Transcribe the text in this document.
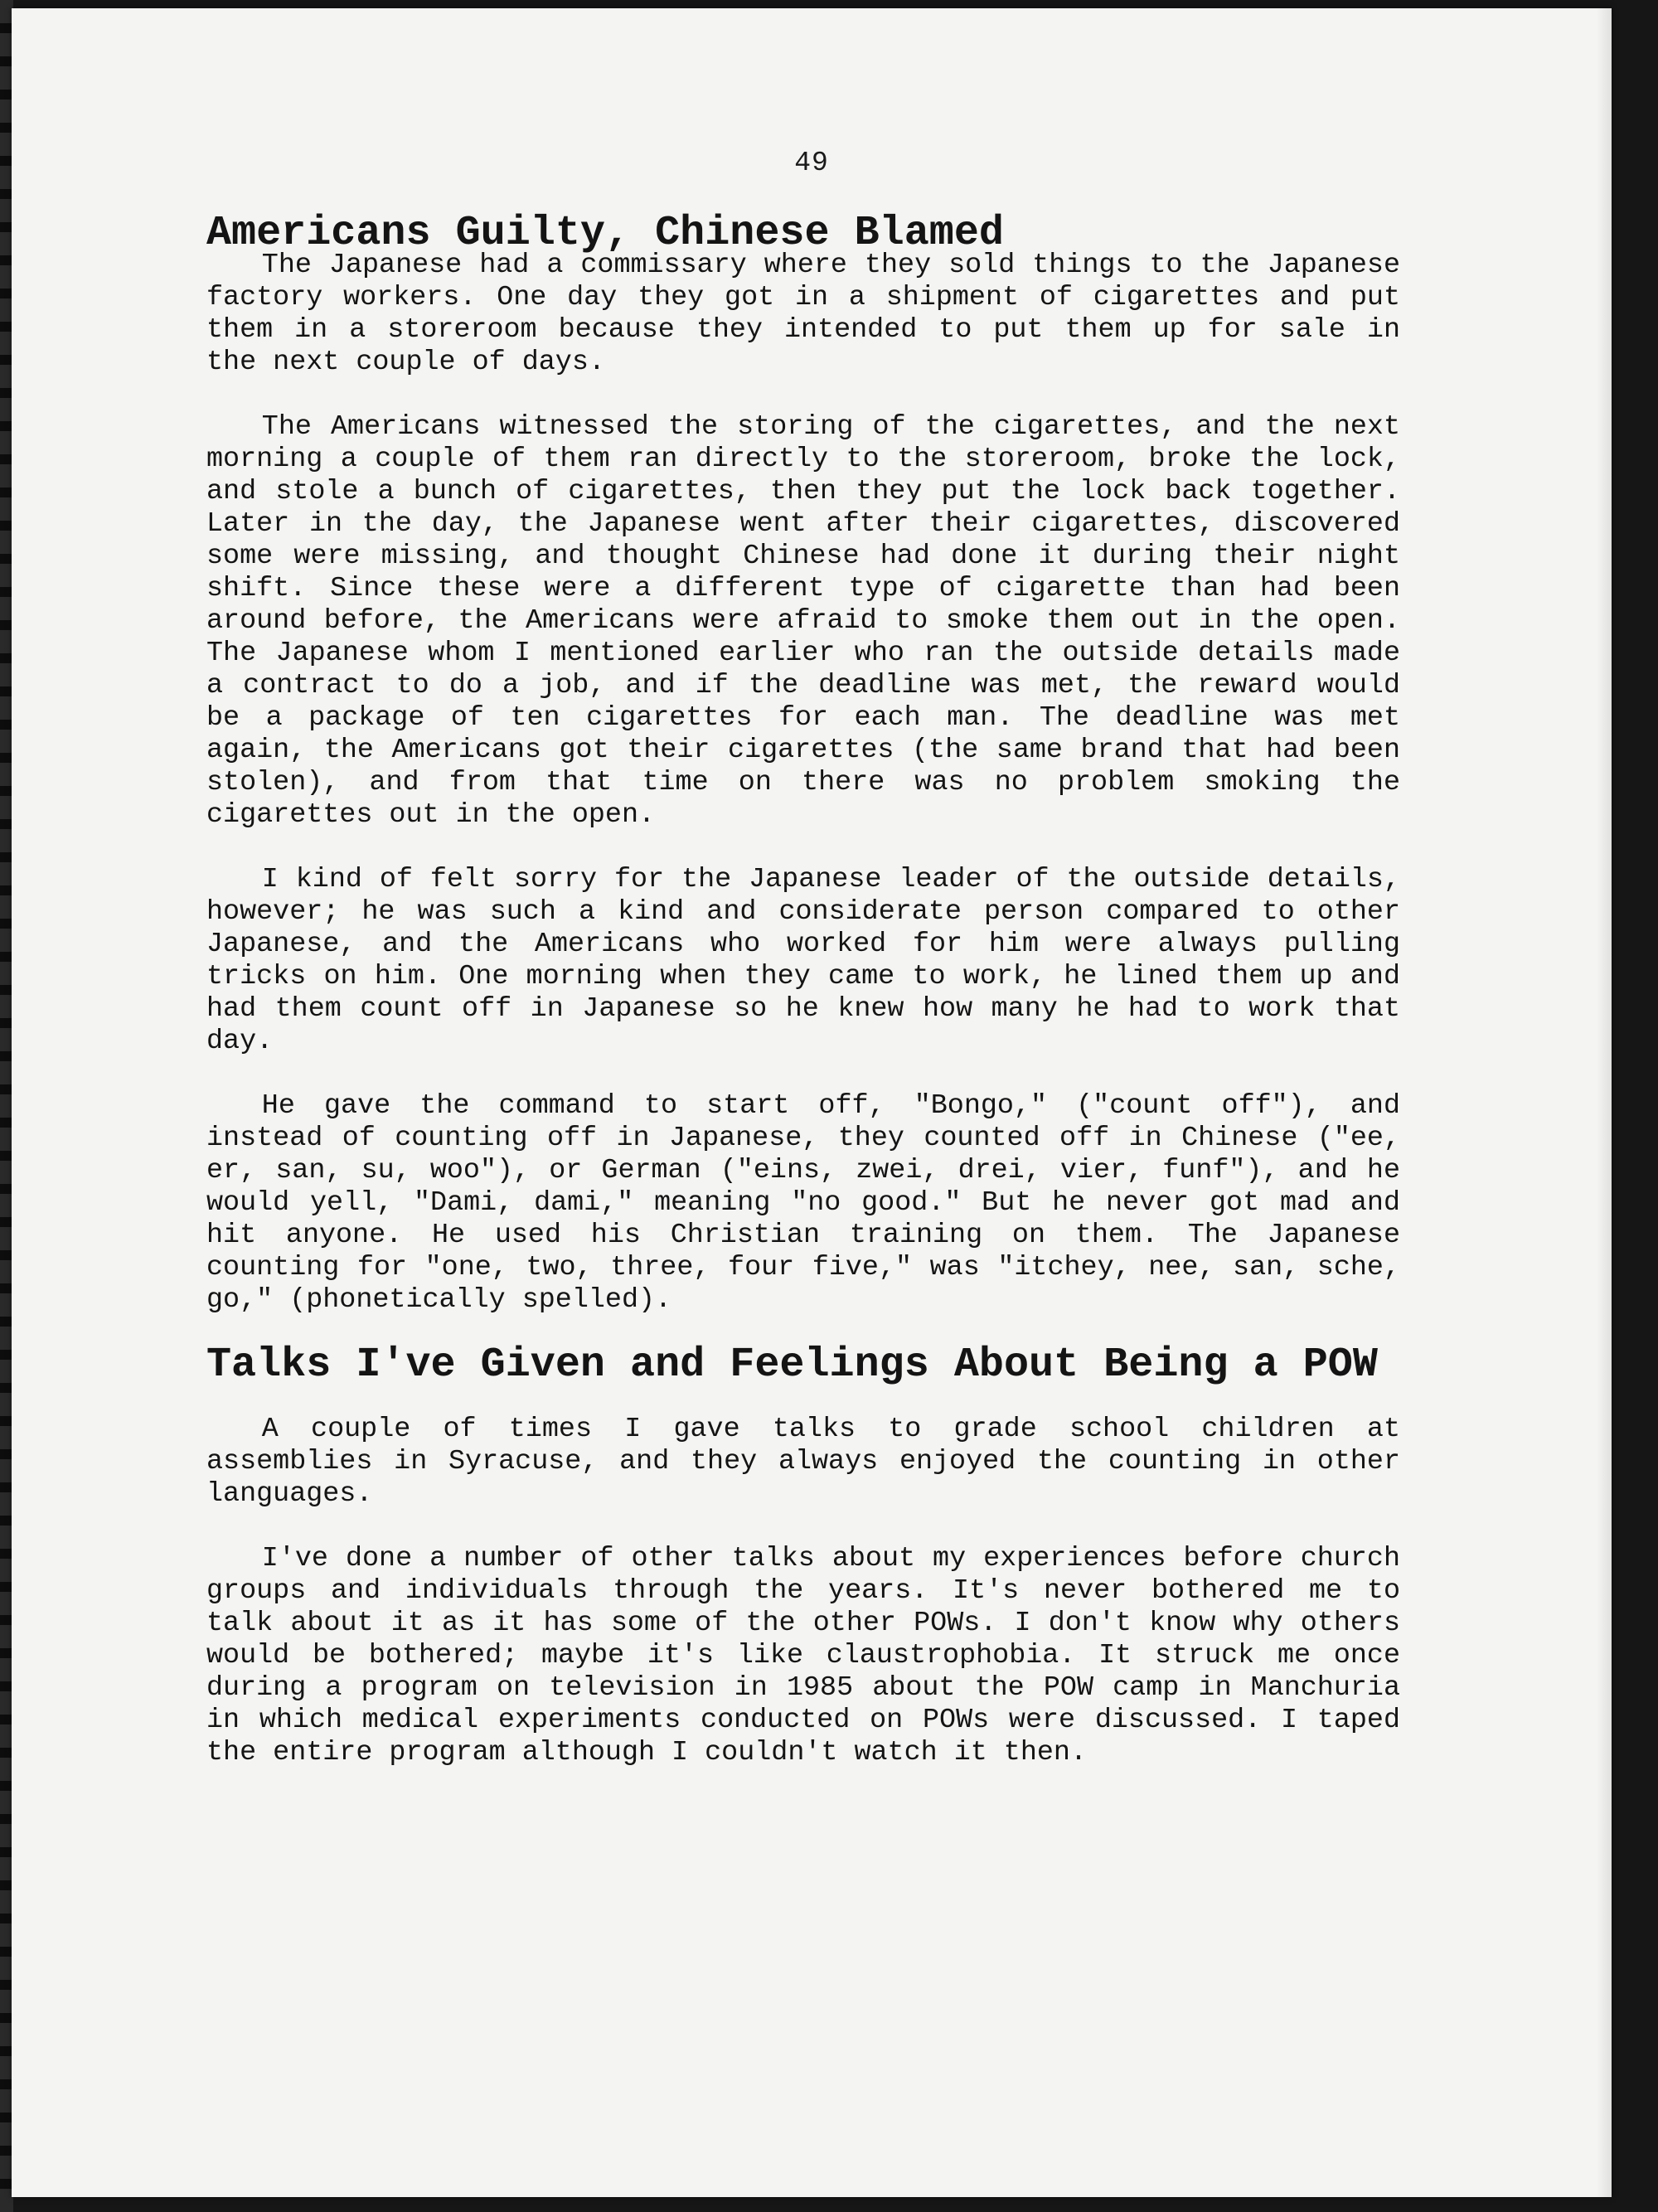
49
Americans Guilty, Chinese Blamed

The Japanese had a commissary where they sold things to the Japanese factory workers. One day they got in a shipment of cigarettes and put them in a storeroom because they intended to put them up for sale in the next couple of days.

The Americans witnessed the storing of the cigarettes, and the next morning a couple of them ran directly to the storeroom, broke the lock, and stole a bunch of cigarettes, then they put the lock back together. Later in the day, the Japanese went after their cigarettes, discovered some were missing, and thought Chinese had done it during their night shift. Since these were a different type of cigarette than had been around before, the Americans were afraid to smoke them out in the open. The Japanese whom I mentioned earlier who ran the outside details made a contract to do a job, and if the deadline was met, the reward would be a package of ten cigarettes for each man. The deadline was met again, the Americans got their cigarettes (the same brand that had been stolen), and from that time on there was no problem smoking the cigarettes out in the open.

I kind of felt sorry for the Japanese leader of the outside details, however; he was such a kind and considerate person compared to other Japanese, and the Americans who worked for him were always pulling tricks on him. One morning when they came to work, he lined them up and had them count off in Japanese so he knew how many he had to work that day.

He gave the command to start off, "Bongo," ("count off"), and instead of counting off in Japanese, they counted off in Chinese ("ee, er, san, su, woo"), or German ("eins, zwei, drei, vier, funf"), and he would yell, "Dami, dami," meaning "no good." But he never got mad and hit anyone. He used his Christian training on them. The Japanese counting for "one, two, three, four five," was "itchey, nee, san, sche, go," (phonetically spelled).

Talks I've Given and Feelings About Being a POW

A couple of times I gave talks to grade school children at assemblies in Syracuse, and they always enjoyed the counting in other languages.

I've done a number of other talks about my experiences before church groups and individuals through the years. It's never bothered me to talk about it as it has some of the other POWs. I don't know why others would be bothered; maybe it's like claustrophobia. It struck me once during a program on television in 1985 about the POW camp in Manchuria in which medical experiments conducted on POWs were discussed. I taped the entire program although I couldn't watch it then.
